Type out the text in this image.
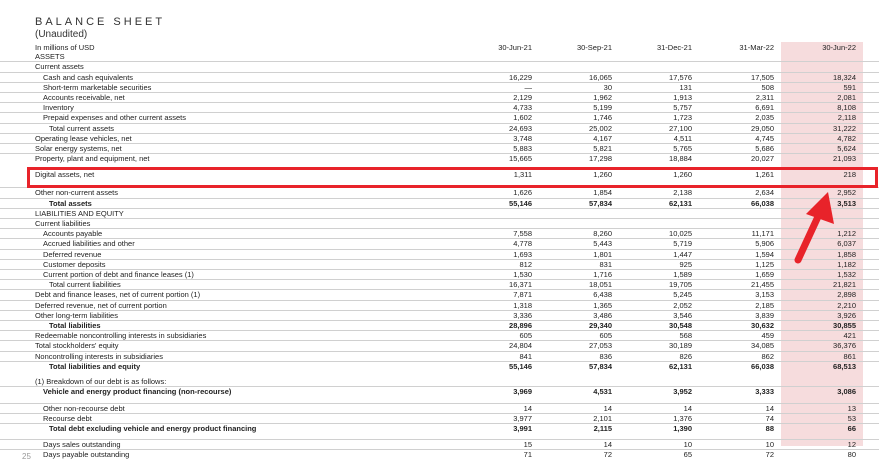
BALANCE SHEET
(Unaudited)
	In millions of USD	30-Jun-21	30-Sep-21	31-Dec-21	31-Mar-22	30-Jun-22	
	ASSETS						
	Current assets						
	Cash and cash equivalents	16,229	16,065	17,576	17,505	18,324	
	Short-term marketable securities	—	30	131	508	591	
	Accounts receivable, net	2,129	1,962	1,913	2,311	2,081	
	Inventory	4,733	5,199	5,757	6,691	8,108	
	Prepaid expenses and other current assets	1,602	1,746	1,723	2,035	2,118	
	Total current assets	24,693	25,002	27,100	29,050	31,222	
	Operating lease vehicles, net	3,748	4,167	4,511	4,745	4,782	
	Solar energy systems, net	5,883	5,821	5,765	5,686	5,624	
	Property, plant and equipment, net	15,665	17,298	18,884	20,027	21,093	

	Digital assets, net	1,311	1,260	1,260	1,261	218	

	Other non-current assets	1,626	1,854	2,138	2,634	2,952	
	Total assets	55,146	57,834	62,131	66,038	3,513	
	LIABILITIES AND EQUITY						
	Current liabilities						
	Accounts payable	7,558	8,260	10,025	11,171	1,212	
	Accrued liabilities and other	4,778	5,443	5,719	5,906	6,037	
	Deferred revenue	1,693	1,801	1,447	1,594	1,858	
	Customer deposits	812	831	925	1,125	1,182	
	Current portion of debt and finance leases (1)	1,530	1,716	1,589	1,659	1,532	
	Total current liabilities	16,371	18,051	19,705	21,455	21,821	
	Debt and finance leases, net of current portion (1)	7,871	6,438	5,245	3,153	2,898	
	Deferred revenue, net of current portion	1,318	1,365	2,052	2,185	2,210	
	Other long-term liabilities	3,336	3,486	3,546	3,839	3,926	
	Total liabilities	28,896	29,340	30,548	30,632	30,855	
	Redeemable noncontrolling interests in subsidiaries	605	605	568	459	421	
	Total stockholders' equity	24,804	27,053	30,189	34,085	36,376	
	Noncontrolling interests in subsidiaries	841	836	826	862	861	
	Total liabilities and equity	55,146	57,834	62,131	66,038	68,513	

	(1) Breakdown of our debt is as follows:						
	Vehicle and energy product financing (non-recourse)	3,969	4,531	3,952	3,333	3,086	

	Other non-recourse debt	14	14	14	14	13	
	Recourse debt	3,977	2,101	1,376	74	53	
	Total debt excluding vehicle and energy product financing	3,991	2,115	1,390	88	66	

	Days sales outstanding	15	14	10	10	12	
	Days payable outstanding	71	72	65	72	80	
25
